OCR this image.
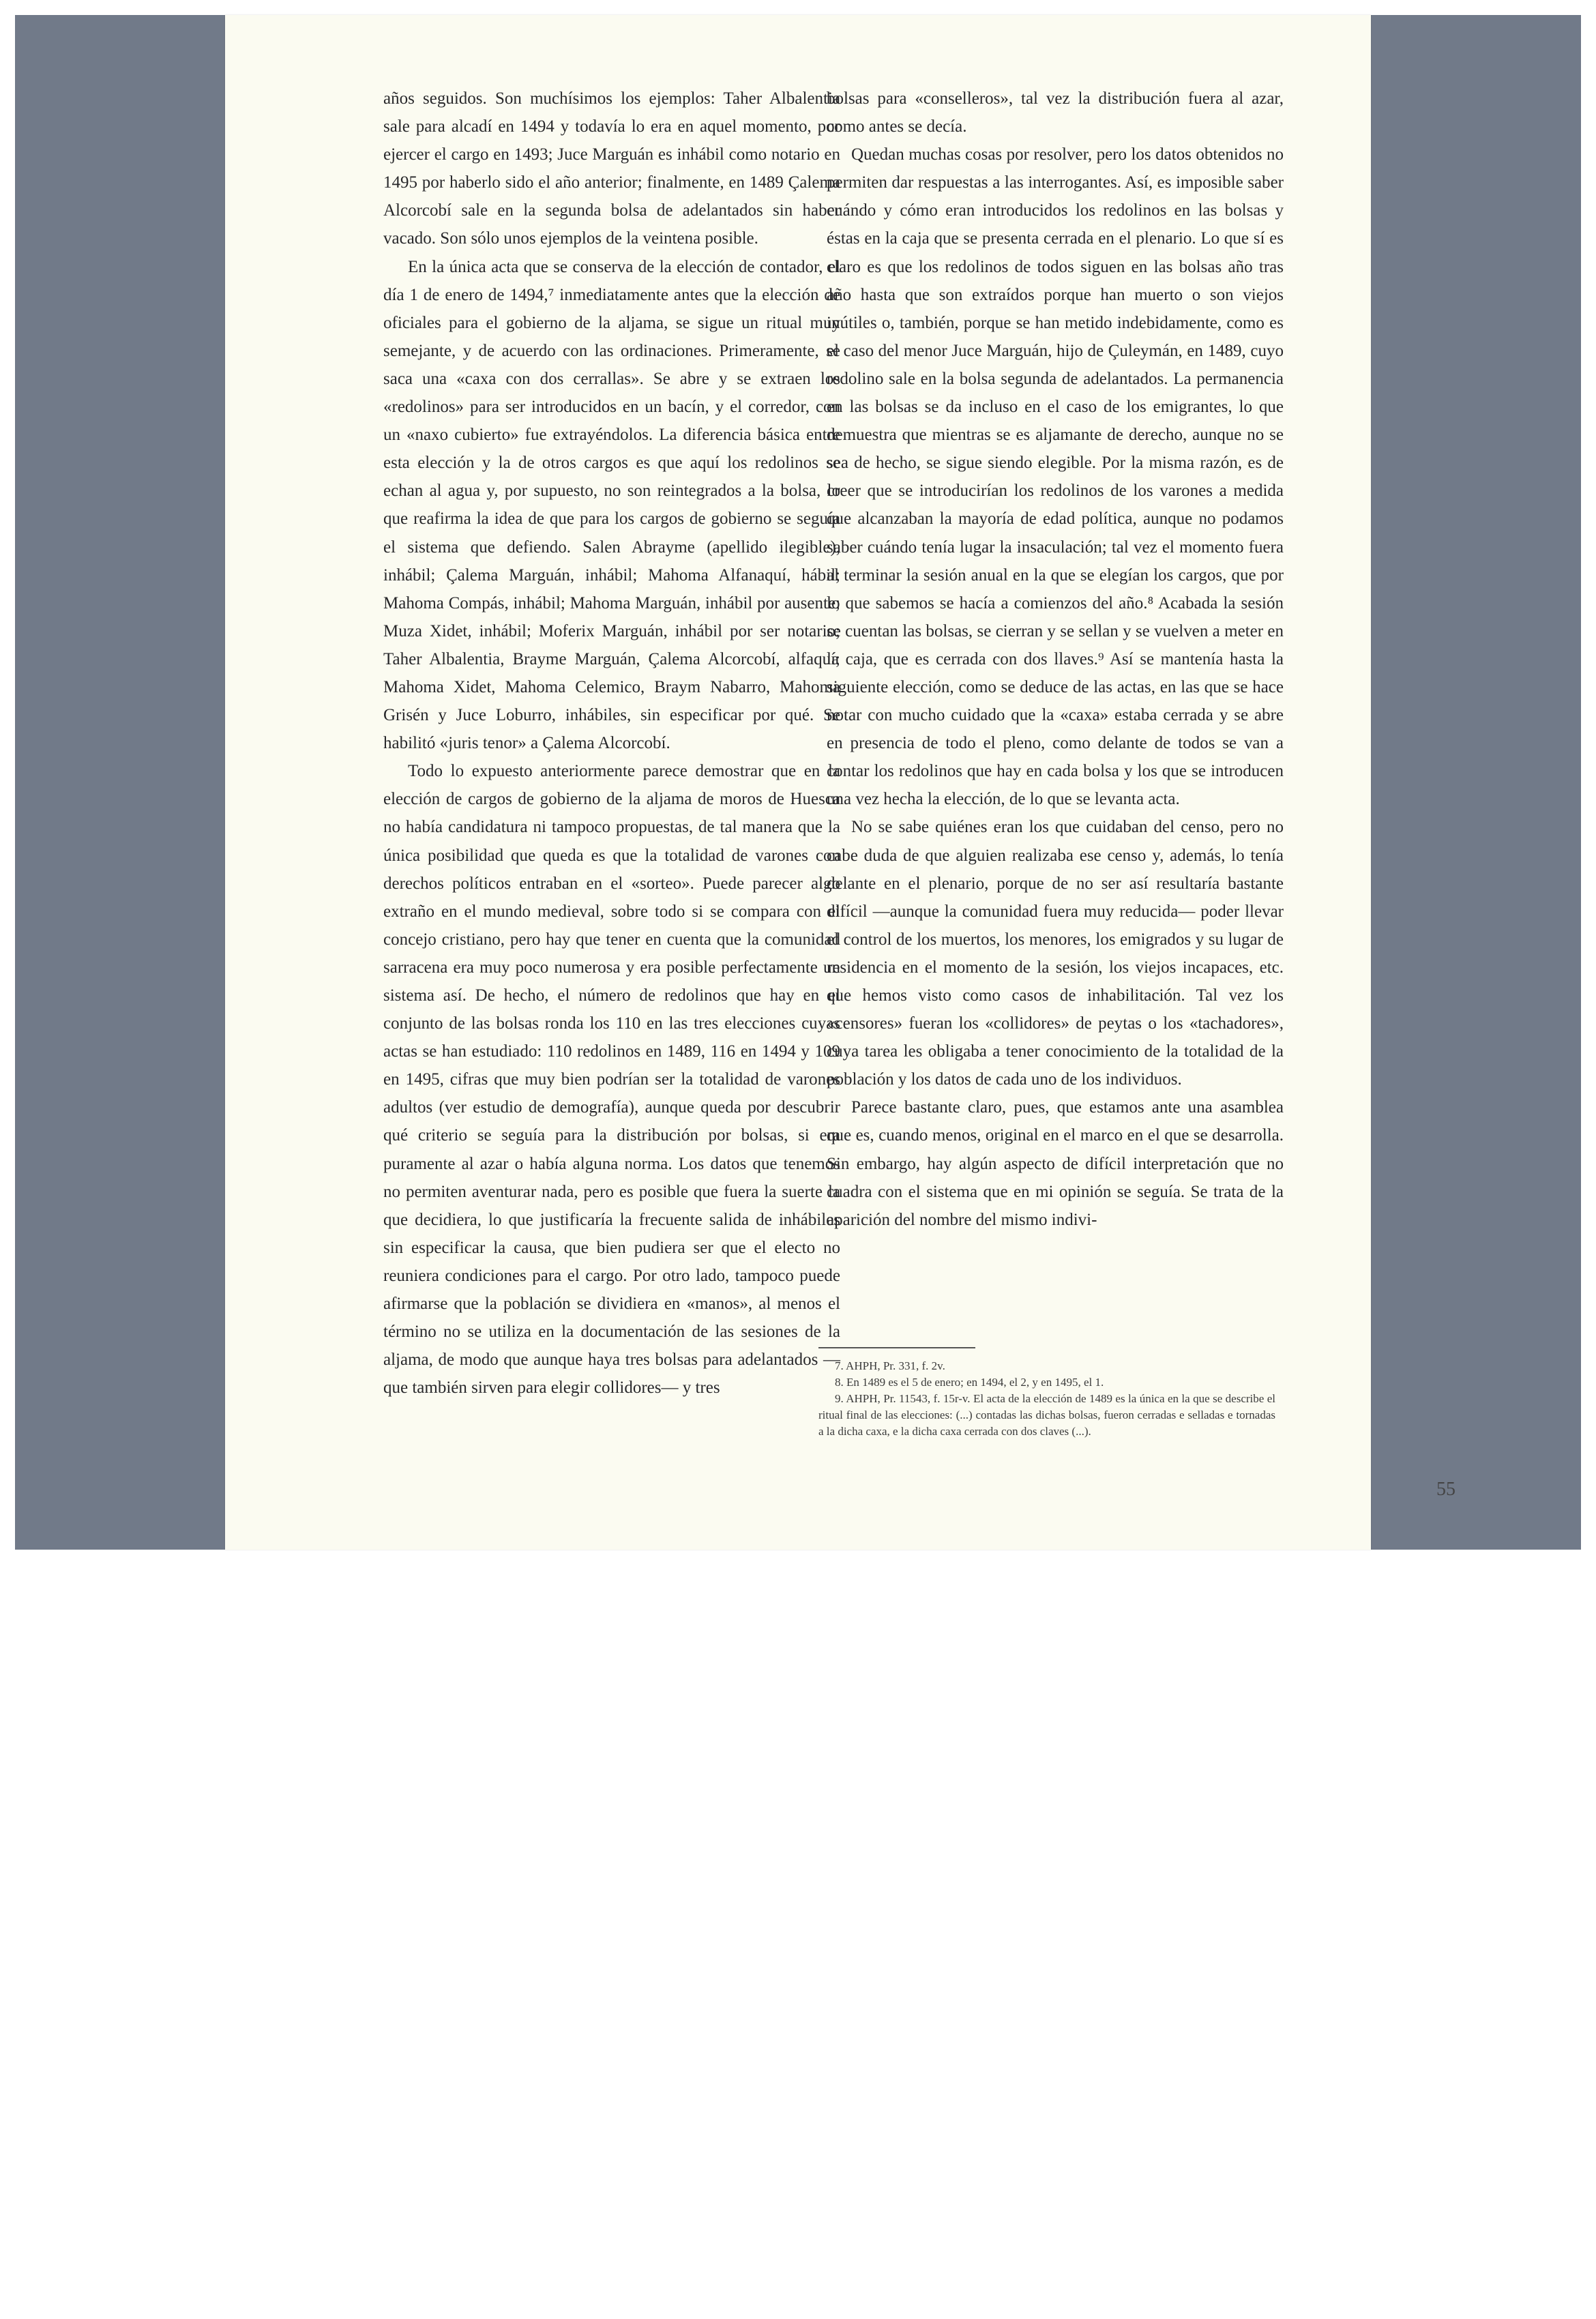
años seguidos. Son muchísimos los ejemplos: Taher Albalentia sale para alcadí en 1494 y todavía lo era en aquel momento, por ejercer el cargo en 1493; Juce Marguán es inhábil como notario en 1495 por haberlo sido el año anterior; finalmente, en 1489 Çalema Alcorcobí sale en la segunda bolsa de adelantados sin haber vacado. Son sólo unos ejemplos de la veintena posible.

En la única acta que se conserva de la elección de contador, el día 1 de enero de 1494,⁷ inmediatamente antes que la elección de oficiales para el gobierno de la aljama, se sigue un ritual muy semejante, y de acuerdo con las ordinaciones. Primeramente, se saca una «caxa con dos cerrallas». Se abre y se extraen los «redolinos» para ser introducidos en un bacín, y el corredor, con un «naxo cubierto» fue extrayéndolos. La diferencia básica entre esta elección y la de otros cargos es que aquí los redolinos se echan al agua y, por supuesto, no son reintegrados a la bolsa, lo que reafirma la idea de que para los cargos de gobierno se seguía el sistema que defiendo. Salen Abrayme (apellido ilegible), inhábil; Çalema Marguán, inhábil; Mahoma Alfanaquí, hábil; Mahoma Compás, inhábil; Mahoma Marguán, inhábil por ausente; Muza Xidet, inhábil; Moferix Marguán, inhábil por ser notario; Taher Albalentia, Brayme Marguán, Çalema Alcorcobí, alfaquí; Mahoma Xidet, Mahoma Celemico, Braym Nabarro, Mahoma Grisén y Juce Loburro, inhábiles, sin especificar por qué. Se habilitó «juris tenor» a Çalema Alcorcobí.

Todo lo expuesto anteriormente parece demostrar que en la elección de cargos de gobierno de la aljama de moros de Huesca no había candidatura ni tampoco propuestas, de tal manera que la única posibilidad que queda es que la totalidad de varones con derechos políticos entraban en el «sorteo». Puede parecer algo extraño en el mundo medieval, sobre todo si se compara con el concejo cristiano, pero hay que tener en cuenta que la comunidad sarracena era muy poco numerosa y era posible perfectamente un sistema así. De hecho, el número de redolinos que hay en el conjunto de las bolsas ronda los 110 en las tres elecciones cuyas actas se han estudiado: 110 redolinos en 1489, 116 en 1494 y 109 en 1495, cifras que muy bien podrían ser la totalidad de varones adultos (ver estudio de demografía), aunque queda por descubrir qué criterio se seguía para la distribución por bolsas, si era puramente al azar o había alguna norma. Los datos que tenemos no permiten aventurar nada, pero es posible que fuera la suerte la que decidiera, lo que justificaría la frecuente salida de inhábiles sin especificar la causa, que bien pudiera ser que el electo no reuniera condiciones para el cargo. Por otro lado, tampoco puede afirmarse que la población se dividiera en «manos», al menos el término no se utiliza en la documentación de las sesiones de la aljama, de modo que aunque haya tres bolsas para adelantados —que también sirven para elegir collidores— y tres

bolsas para «conselleros», tal vez la distribución fuera al azar, como antes se decía.

Quedan muchas cosas por resolver, pero los datos obtenidos no permiten dar respuestas a las interrogantes. Así, es imposible saber cuándo y cómo eran introducidos los redolinos en las bolsas y éstas en la caja que se presenta cerrada en el plenario. Lo que sí es claro es que los redolinos de todos siguen en las bolsas año tras año hasta que son extraídos porque han muerto o son viejos inútiles o, también, porque se han metido indebidamente, como es el caso del menor Juce Marguán, hijo de Çuleymán, en 1489, cuyo redolino sale en la bolsa segunda de adelantados. La permanencia en las bolsas se da incluso en el caso de los emigrantes, lo que demuestra que mientras se es aljamante de derecho, aunque no se sea de hecho, se sigue siendo elegible. Por la misma razón, es de creer que se introducirían los redolinos de los varones a medida que alcanzaban la mayoría de edad política, aunque no podamos saber cuándo tenía lugar la insaculación; tal vez el momento fuera al terminar la sesión anual en la que se elegían los cargos, que por lo que sabemos se hacía a comienzos del año.⁸ Acabada la sesión se cuentan las bolsas, se cierran y se sellan y se vuelven a meter en la caja, que es cerrada con dos llaves.⁹ Así se mantenía hasta la siguiente elección, como se deduce de las actas, en las que se hace notar con mucho cuidado que la «caxa» estaba cerrada y se abre en presencia de todo el pleno, como delante de todos se van a contar los redolinos que hay en cada bolsa y los que se introducen una vez hecha la elección, de lo que se levanta acta.

No se sabe quiénes eran los que cuidaban del censo, pero no cabe duda de que alguien realizaba ese censo y, además, lo tenía delante en el plenario, porque de no ser así resultaría bastante difícil —aunque la comunidad fuera muy reducida— poder llevar el control de los muertos, los menores, los emigrados y su lugar de residencia en el momento de la sesión, los viejos incapaces, etc. que hemos visto como casos de inhabilitación. Tal vez los «censores» fueran los «collidores» de peytas o los «tachadores», cuya tarea les obligaba a tener conocimiento de la totalidad de la población y los datos de cada uno de los individuos.

Parece bastante claro, pues, que estamos ante una asamblea que es, cuando menos, original en el marco en el que se desarrolla. Sin embargo, hay algún aspecto de difícil interpretación que no cuadra con el sistema que en mi opinión se seguía. Se trata de la aparición del nombre del mismo indivi-

55

7. AHPH, Pr. 331, f. 2v.

8. En 1489 es el 5 de enero; en 1494, el 2, y en 1495, el 1.

9. AHPH, Pr. 11543, f. 15r-v. El acta de la elección de 1489 es la única en la que se describe el ritual final de las elecciones: (...) contadas las dichas bolsas, fueron cerradas e selladas e tornadas a la dicha caxa, e la dicha caxa cerrada con dos claves (...).
